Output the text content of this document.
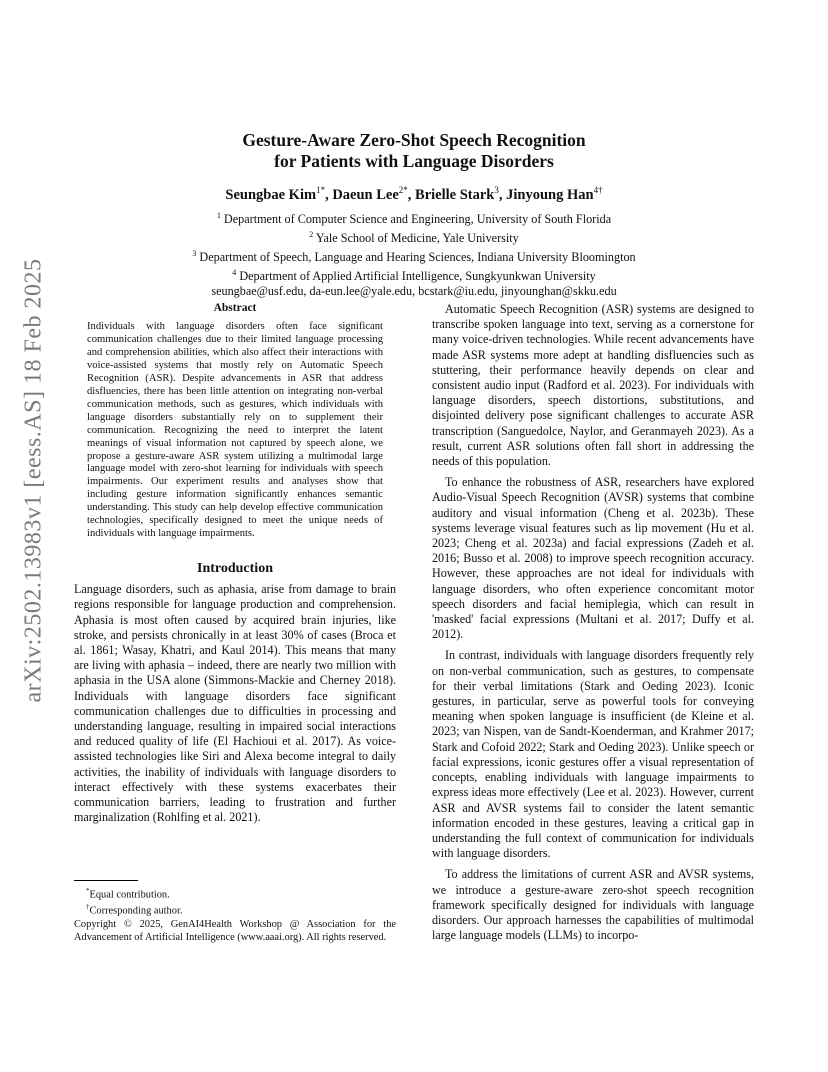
arXiv:2502.13983v1 [eess.AS] 18 Feb 2025
Gesture-Aware Zero-Shot Speech Recognition
for Patients with Language Disorders
Seungbae Kim$^{1*}$, Daeun Lee$^{2*}$, Brielle Stark$^3$, Jinyoung Han$^{4\dagger}$
$^1$ Department of Computer Science and Engineering, University of South Florida
$^2$ Yale School of Medicine, Yale University
$^3$ Department of Speech, Language and Hearing Sciences, Indiana University Bloomington
$^4$ Department of Applied Artificial Intelligence, Sungkyunkwan University
seungbae@usf.edu, da-eun.lee@yale.edu, bcstark@iu.edu, jinyounghan@skku.edu
Abstract

Individuals with language disorders often face significant communication challenges due to their limited language processing and comprehension abilities, which also affect their interactions with voice-assisted systems that mostly rely on Automatic Speech Recognition (ASR). Despite advancements in ASR that address disfluencies, there has been little attention on integrating non-verbal communication methods, such as gestures, which individuals with language disorders substantially rely on to supplement their communication. Recognizing the need to interpret the latent meanings of visual information not captured by speech alone, we propose a gesture-aware ASR system utilizing a multimodal large language model with zero-shot learning for individuals with speech impairments. Our experiment results and analyses show that including gesture information significantly enhances semantic understanding. This study can help develop effective communication technologies, specifically designed to meet the unique needs of individuals with language impairments.

Introduction

Language disorders, such as aphasia, arise from damage to brain regions responsible for language production and comprehension. Aphasia is most often caused by acquired brain injuries, like stroke, and persists chronically in at least 30% of cases (Broca et al. 1861; Wasay, Khatri, and Kaul 2014). This means that many are living with aphasia – indeed, there are nearly two million with aphasia in the USA alone (Simmons-Mackie and Cherney 2018). Individuals with language disorders face significant communication challenges due to difficulties in processing and understanding language, resulting in impaired social interactions and reduced quality of life (El Hachioui et al. 2017). As voice-assisted technologies like Siri and Alexa become integral to daily activities, the inability of individuals with language disorders to interact effectively with these systems exacerbates their communication barriers, leading to frustration and further marginalization (Rohlfing et al. 2021).

Automatic Speech Recognition (ASR) systems are designed to transcribe spoken language into text, serving as a cornerstone for many voice-driven technologies. While recent advancements have made ASR systems more adept at handling disfluencies such as stuttering, their performance heavily depends on clear and consistent audio input (Radford et al. 2023). For individuals with language disorders, speech distortions, substitutions, and disjointed delivery pose significant challenges to accurate ASR transcription (Sanguedolce, Naylor, and Geranmayeh 2023). As a result, current ASR solutions often fall short in addressing the needs of this population.

To enhance the robustness of ASR, researchers have explored Audio-Visual Speech Recognition (AVSR) systems that combine auditory and visual information (Cheng et al. 2023b). These systems leverage visual features such as lip movement (Hu et al. 2023; Cheng et al. 2023a) and facial expressions (Zadeh et al. 2016; Busso et al. 2008) to improve speech recognition accuracy. However, these approaches are not ideal for individuals with language disorders, who often experience concomitant motor speech disorders and facial hemiplegia, which can result in 'masked' facial expressions (Multani et al. 2017; Duffy et al. 2012).

In contrast, individuals with language disorders frequently rely on non-verbal communication, such as gestures, to compensate for their verbal limitations (Stark and Oeding 2023). Iconic gestures, in particular, serve as powerful tools for conveying meaning when spoken language is insufficient (de Kleine et al. 2023; van Nispen, van de Sandt-Koenderman, and Krahmer 2017; Stark and Cofoid 2022; Stark and Oeding 2023). Unlike speech or facial expressions, iconic gestures offer a visual representation of concepts, enabling individuals with language impairments to express ideas more effectively (Lee et al. 2023). However, current ASR and AVSR systems fail to consider the latent semantic information encoded in these gestures, leaving a critical gap in understanding the full context of communication for individuals with language disorders.

To address the limitations of current ASR and AVSR systems, we introduce a gesture-aware zero-shot speech recognition framework specifically designed for individuals with language disorders. Our approach harnesses the capabilities of multimodal large language models (LLMs) to incorpo-

*Equal contribution.

†Corresponding author.

Copyright © 2025, GenAI4Health Workshop @ Association for the Advancement of Artificial Intelligence (www.aaai.org). All rights reserved.
